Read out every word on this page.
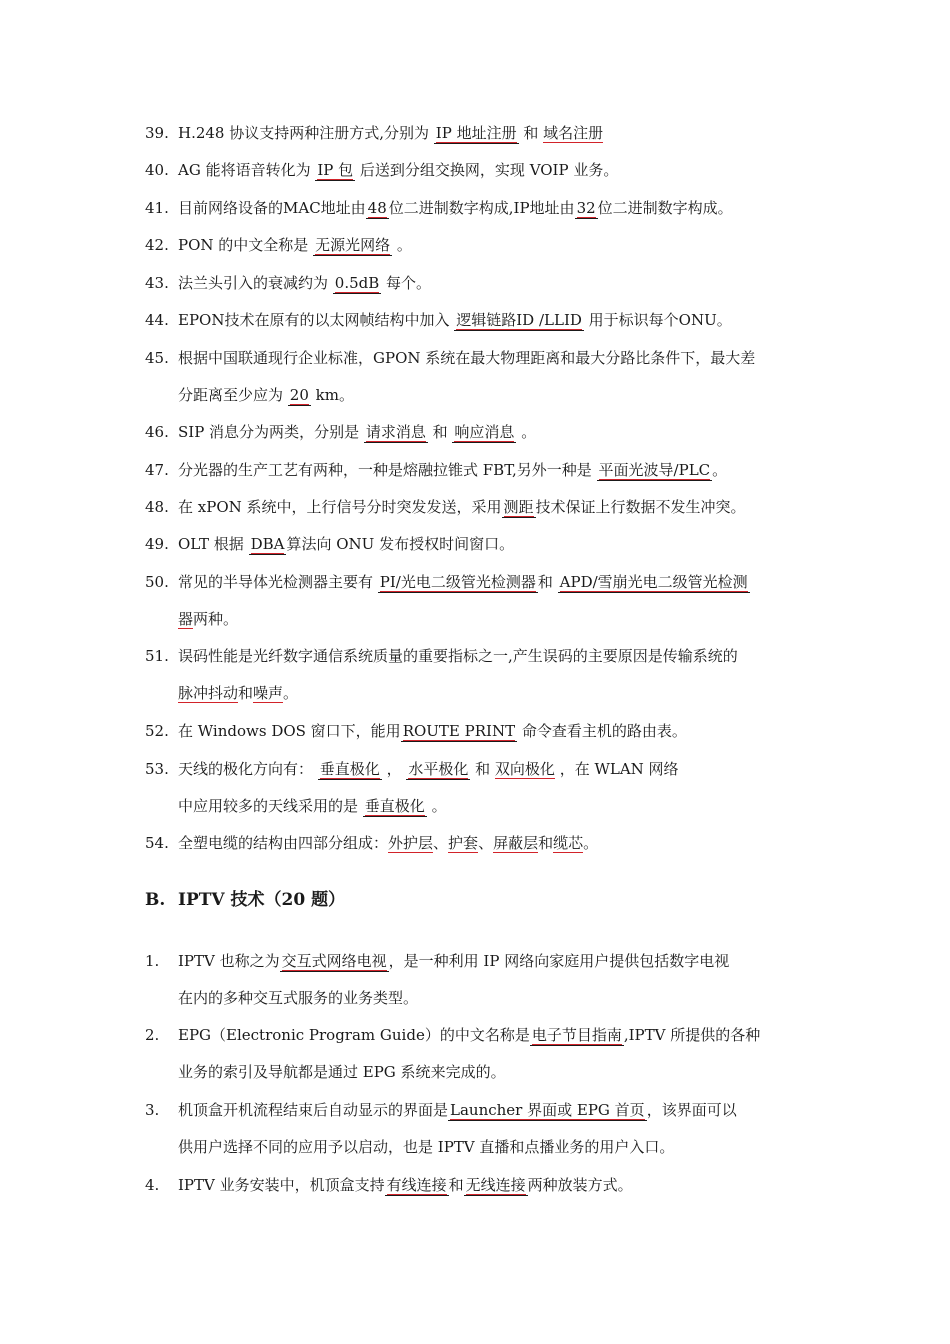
39. H.248 协议支持两种注册方式,分别为 IP 地址注册 和 域名注册
40. AG 能将语音转化为 IP 包 后送到分组交换网，实现 VOIP 业务。
41. 目前网络设备的MAC地址由48位二进制数字构成,IP地址由32位二进制数字构成。
42. PON 的中文全称是 无源光网络 。
43. 法兰头引入的衰减约为 0.5dB 每个。
44. EPON技术在原有的以太网帧结构中加入 逻辑链路ID /LLID 用于标识每个ONU。
45. 根据中国联通现行企业标准，GPON 系统在最大物理距离和最大分路比条件下，最大差
分距离至少应为 20 km。
46. SIP 消息分为两类，分别是 请求消息 和 响应消息 。
47. 分光器的生产工艺有两种，一种是熔融拉锥式 FBT,另外一种是 平面光波导/PLC。
48. 在 xPON 系统中，上行信号分时突发发送，采用测距技术保证上行数据不发生冲突。
49. OLT 根据 DBA算法向 ONU 发布授权时间窗口。
50. 常见的半导体光检测器主要有 PI/光电二级管光检测器 和 APD/雪崩光电二级管光检测
器两种。
51. 误码性能是光纤数字通信系统质量的重要指标之一,产生误码的主要原因是传输系统的
脉冲抖动和噪声。
52. 在 Windows DOS 窗口下，能用ROUTE PRINT 命令查看主机的路由表。
53. 天线的极化方向有： 垂直极化 ， 水平极化 和 双向极化 ，在 WLAN 网络
中应用较多的天线采用的是 垂直极化 。
54. 全塑电缆的结构由四部分组成：外护层、护套、屏蔽层和缆芯。
B. IPTV 技术（20 题）
1.	IPTV 也称之为交互式网络电视，是一种利用 IP 网络向家庭用户提供包括数字电视
在内的多种交互式服务的业务类型。
2.	EPG（Electronic Program Guide）的中文名称是电子节目指南,IPTV 所提供的各种
业务的索引及导航都是通过 EPG 系统来完成的。
3.	机顶盒开机流程结束后自动显示的界面是Launcher 界面或 EPG 首页，该界面可以
供用户选择不同的应用予以启动，也是 IPTV 直播和点播业务的用户入口。
4.	IPTV 业务安装中，机顶盒支持有线连接和无线连接两种放装方式。
